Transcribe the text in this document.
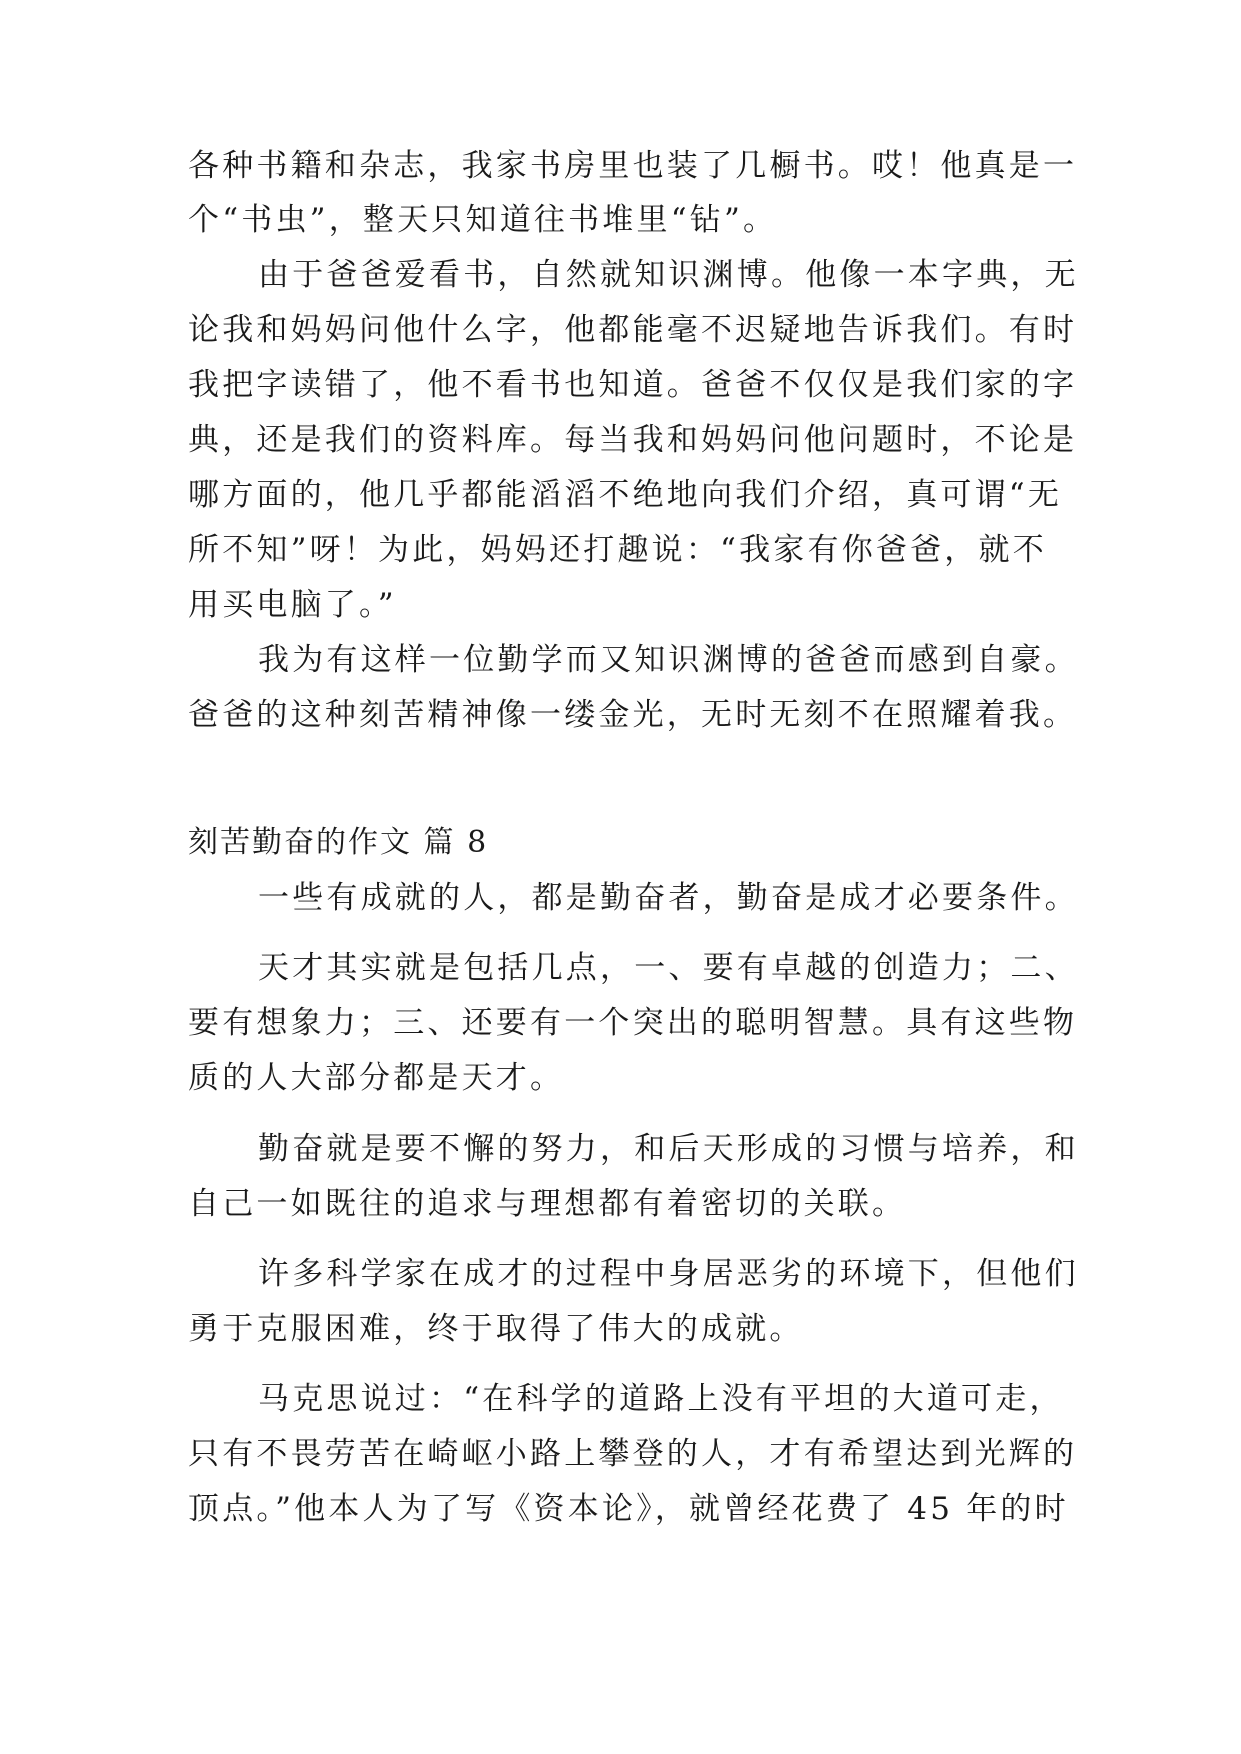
各种书籍和杂志，我家书房里也装了几橱书。哎！他真是一
个“书虫”，整天只知道往书堆里“钻”。
由于爸爸爱看书，自然就知识渊博。他像一本字典，无
论我和妈妈问他什么字，他都能毫不迟疑地告诉我们。有时
我把字读错了，他不看书也知道。爸爸不仅仅是我们家的字
典，还是我们的资料库。每当我和妈妈问他问题时，不论是
哪方面的，他几乎都能滔滔不绝地向我们介绍，真可谓“无
所不知”呀！为此，妈妈还打趣说：“我家有你爸爸，就不
用买电脑了。”
我为有这样一位勤学而又知识渊博的爸爸而感到自豪。
爸爸的这种刻苦精神像一缕金光，无时无刻不在照耀着我。
刻苦勤奋的作文 篇 8
一些有成就的人，都是勤奋者，勤奋是成才必要条件。
天才其实就是包括几点，一、要有卓越的创造力；二、
要有想象力；三、还要有一个突出的聪明智慧。具有这些物
质的人大部分都是天才。
勤奋就是要不懈的努力，和后天形成的习惯与培养，和
自己一如既往的追求与理想都有着密切的关联。
许多科学家在成才的过程中身居恶劣的环境下，但他们
勇于克服困难，终于取得了伟大的成就。
马克思说过：“在科学的道路上没有平坦的大道可走，
只有不畏劳苦在崎岖小路上攀登的人，才有希望达到光辉的
顶点。”他本人为了写《资本论》，就曾经花费了 45 年的时
